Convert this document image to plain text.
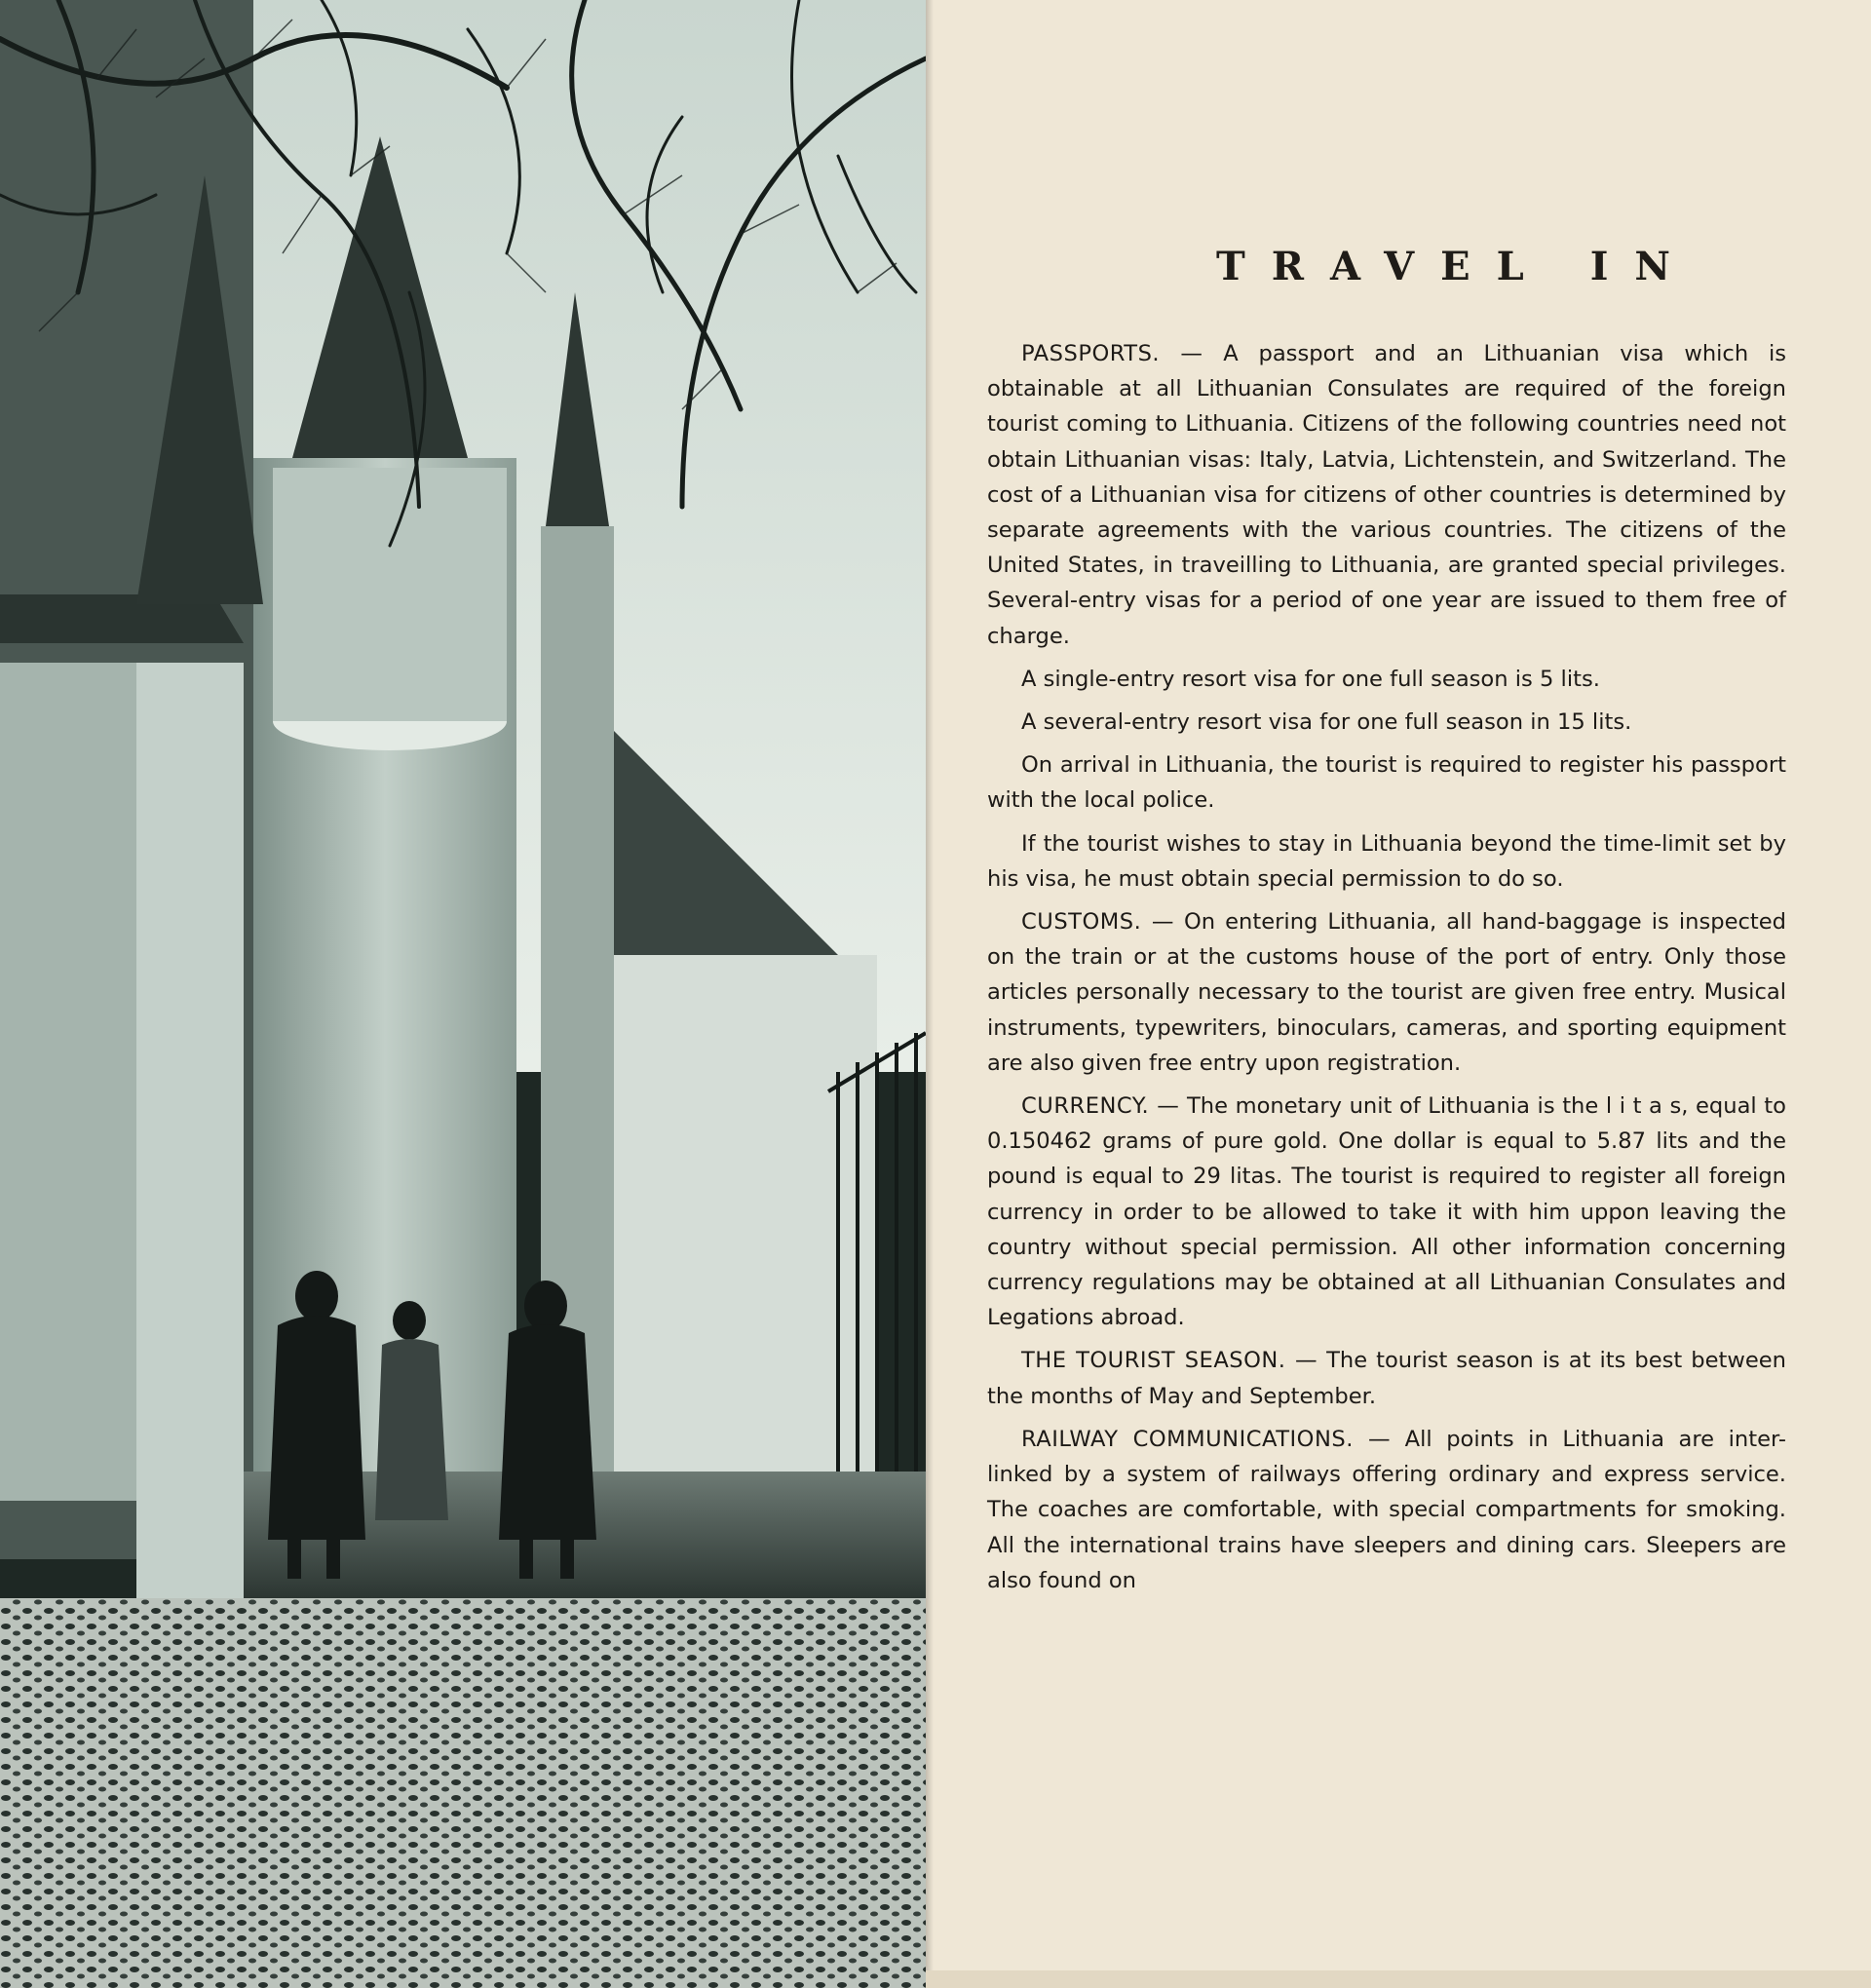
TRAVEL IN

PASSPORTS. — A passport and an Lithuanian visa which is obtainable at all Lithuanian Consulates are required of the foreign tourist coming to Lithuania. Citizens of the following countries need not obtain Lithuanian visas: Italy, Latvia, Lichtenstein, and Switzerland. The cost of a Lithuanian visa for citizens of other countries is determined by separate agreements with the various countries. The citizens of the United States, in traveilling to Lithuania, are granted special privileges. Several-entry visas for a period of one year are issued to them free of charge.

A single-entry resort visa for one full season is 5 lits.

A several-entry resort visa for one full season in 15 lits.

On arrival in Lithuania, the tourist is required to register his passport with the local police.

If the tourist wishes to stay in Lithuania beyond the time-limit set by his visa, he must obtain special permission to do so.

CUSTOMS. — On entering Lithuania, all hand-baggage is inspected on the train or at the customs house of the port of entry. Only those articles personally necessary to the tourist are given free entry. Musical instruments, typewriters, binoculars, cameras, and sporting equipment are also given free entry upon registration.

CURRENCY. — The monetary unit of Lithuania is the l i t a s, equal to 0.150462 grams of pure gold. One dollar is equal to 5.87 lits and the pound is equal to 29 litas. The tourist is required to register all foreign currency in order to be allowed to take it with him uppon leaving the country without special permission. All other information concerning currency regulations may be obtained at all Lithuanian Consulates and Legations abroad.

THE TOURIST SEASON. — The tourist season is at its best between the months of May and September.

RAILWAY COMMUNICATIONS. — All points in Lithuania are inter-linked by a system of railways offering ordinary and express service. The coaches are comfortable, with special compartments for smoking. All the international trains have sleepers and dining cars. Sleepers are also found on
